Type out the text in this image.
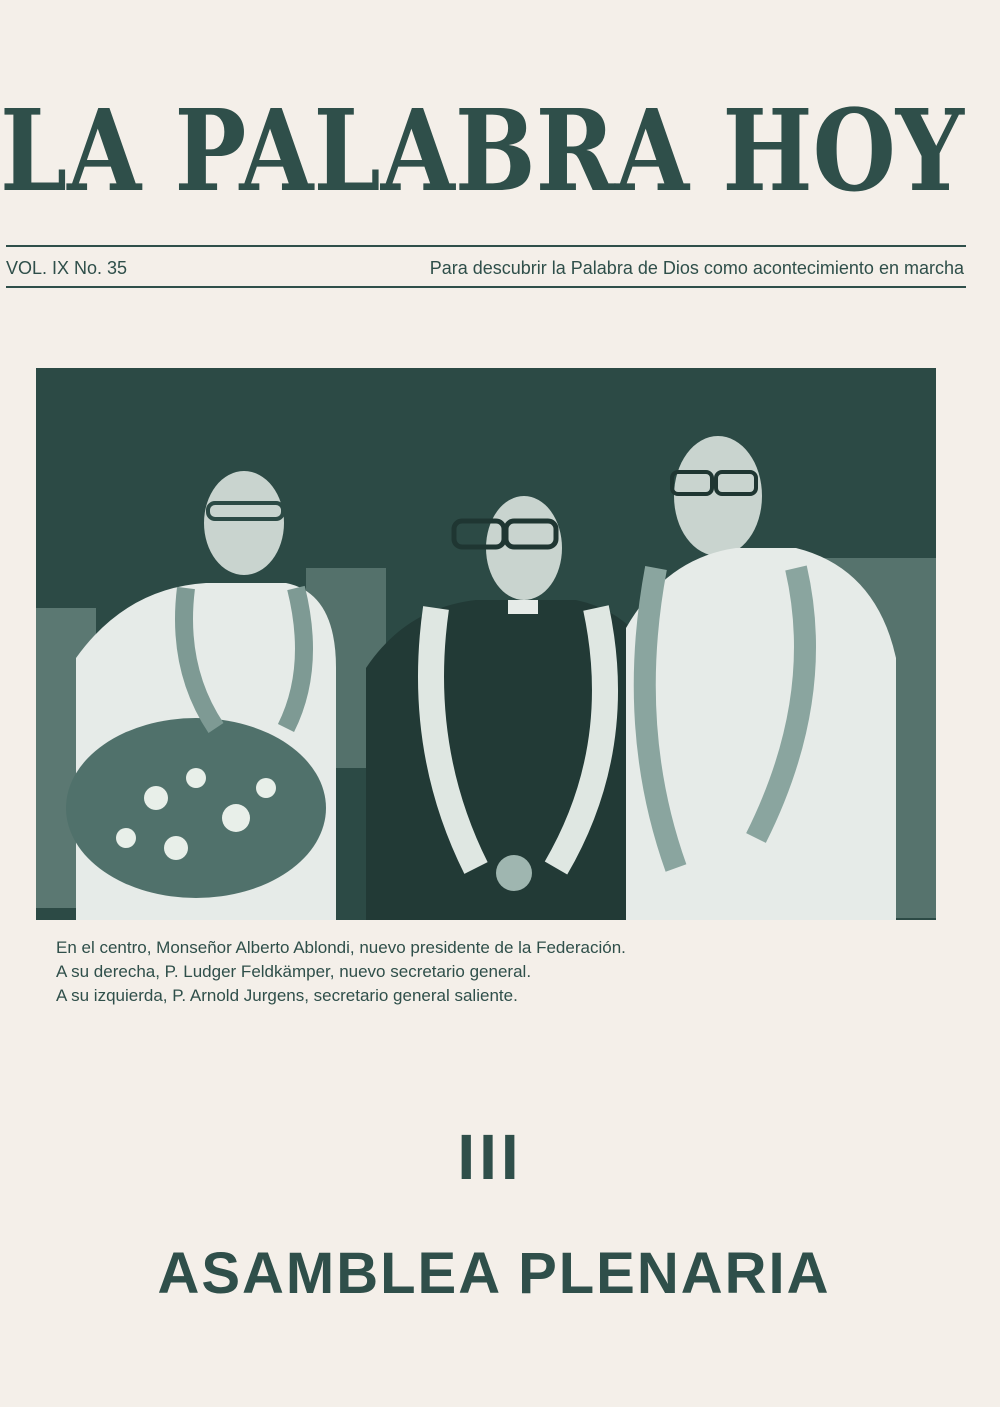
LA PALABRA HOY
VOL. IX No. 35	Para descubrir la Palabra de Dios como acontecimiento en marcha
En el centro, Monseñor Alberto Ablondi, nuevo presidente de la Federación.
A su derecha, P. Ludger Feldkämper, nuevo secretario general.
A su izquierda, P. Arnold Jurgens, secretario general saliente.
III
ASAMBLEA PLENARIA
